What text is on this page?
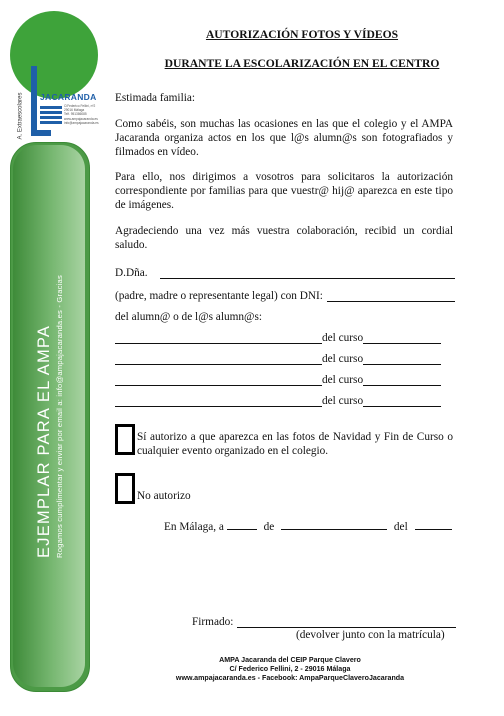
A. Extraescolares JACARANDA
C/Federico Fellini, nº2
29016 Málaga
Telf. 951386085
www.ampajacaranda.es
info@ampajacaranda.es
EJEMPLAR PARA EL AMPA Rogamos cumplimentar y enviar por email a: info@ampajacaranda.es - Gracias
AUTORIZACIÓN FOTOS Y VÍDEOS
DURANTE LA ESCOLARIZACIÓN EN EL CENTRO
Estimada familia:
Como sabéis, son muchas las ocasiones en las que el colegio y el AMPA Jacaranda organiza actos en los que l@s alumn@s son fotografiados y filmados en vídeo.
Para ello, nos dirigimos a vosotros para solicitaros la autorización correspondiente por familias para que vuestr@ hij@ aparezca en este tipo de imágenes.
Agradeciendo una vez más vuestra colaboración, recibid un cordial saludo.
D.Dña.
(padre, madre o representante legal) con DNI:
del alumn@ o de l@s alumn@s:
del curso
del curso
del curso
del curso
Sí autorizo a que aparezca en las fotos de Navidad y Fin de Curso o cualquier evento organizado en el colegio.
No autorizo
En Málaga, a	de	del
Firmado:
(devolver junto con la matrícula)
AMPA Jacaranda del CEIP Parque Clavero
C/ Federico Fellini, 2 - 29016 Málaga
www.ampajacaranda.es - Facebook: AmpaParqueClaveroJacaranda
